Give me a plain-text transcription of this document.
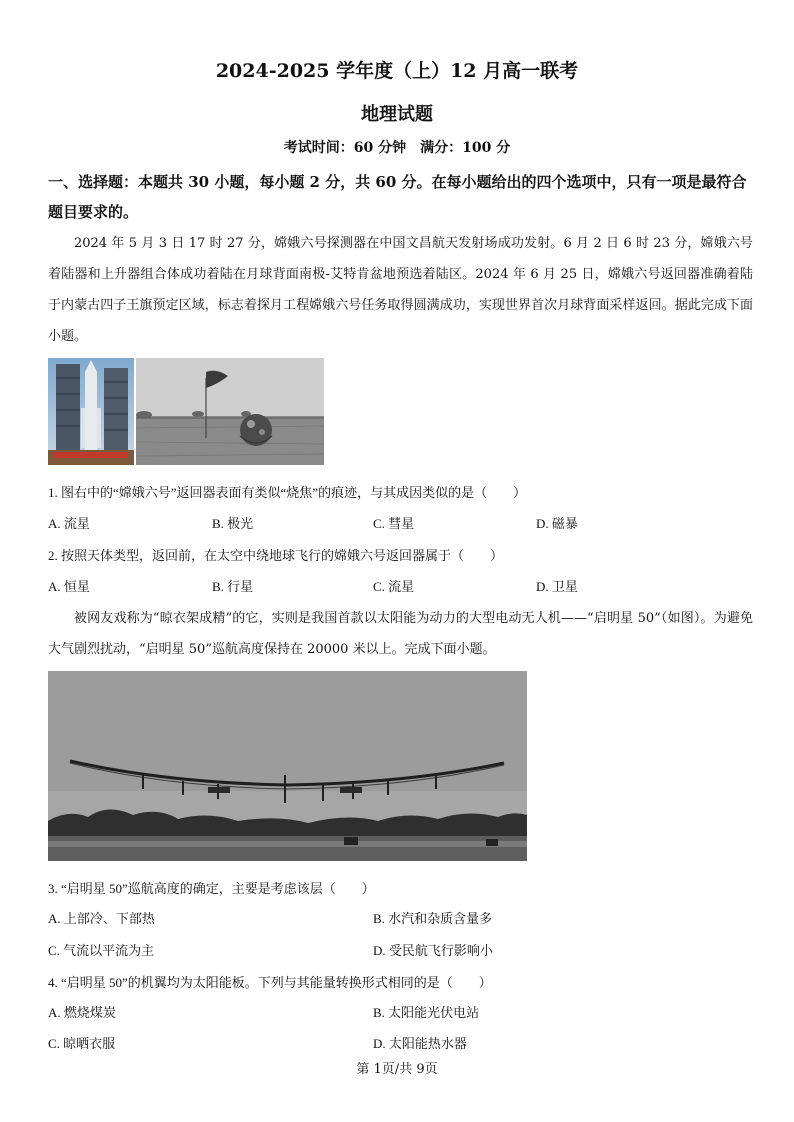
2024-2025 学年度（上）12 月高一联考
地理试题
考试时间：60 分钟　满分：100 分
一、选择题：本题共 30 小题，每小题 2 分，共 60 分。在每小题给出的四个选项中，只有一项是最符合题目要求的。
2024 年 5 月 3 日 17 时 27 分，嫦娥六号探测器在中国文昌航天发射场成功发射。6 月 2 日 6 时 23 分，嫦娥六号着陆器和上升器组合体成功着陆在月球背面南极-艾特肯盆地预选着陆区。2024 年 6 月 25 日，嫦娥六号返回器准确着陆于内蒙古四子王旗预定区域，标志着探月工程嫦娥六号任务取得圆满成功，实现世界首次月球背面采样返回。据此完成下面小题。
1. 图右中的“嫦娥六号”返回器表面有类似“烧焦”的痕迹，与其成因类似的是（　　）
A. 流星	B. 极光	C. 彗星	D. 磁暴
2. 按照天体类型，返回前，在太空中绕地球飞行的嫦娥六号返回器属于（　　）
A. 恒星	B. 行星	C. 流星	D. 卫星
被网友戏称为“晾衣架成精”的它，实则是我国首款以太阳能为动力的大型电动无人机——“启明星 50”（如图）。为避免大气剧烈扰动，“启明星 50”巡航高度保持在 20000 米以上。完成下面小题。
3. “启明星 50”巡航高度的确定，主要是考虑该层（　　）
A. 上部冷、下部热	B. 水汽和杂质含量多
C. 气流以平流为主	D. 受民航飞行影响小
4. “启明星 50”的机翼均为太阳能板。下列与其能量转换形式相同的是（　　）
A. 燃烧煤炭	B. 太阳能光伏电站
C. 晾晒衣服	D. 太阳能热水器
第 1页/共 9页
